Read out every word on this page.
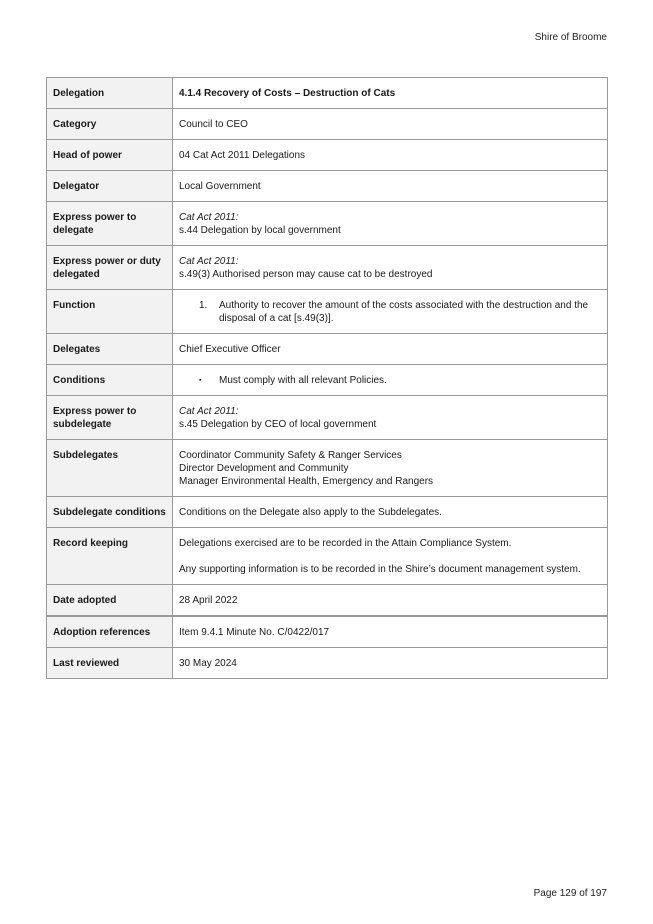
Shire of Broome
Delegation	4.1.4 Recovery of Costs – Destruction of Cats
Category	Council to CEO
Head of power	04 Cat Act 2011 Delegations
Delegator	Local Government
Express power to delegate	Cat Act 2011:
s.44 Delegation by local government

Express power or duty delegated	Cat Act 2011:
s.49(3) Authorised person may cause cat to be destroyed

Function	1. Authority to recover the amount of the costs associated with the destruction and the disposal of a cat [s.49(3)].

Delegates	Chief Executive Officer
Conditions	▪ Must comply with all relevant Policies.

Express power to subdelegate	Cat Act 2011:
s.45 Delegation by CEO of local government

Subdelegates	Coordinator Community Safety & Ranger Services
Director Development and Community
Manager Environmental Health, Emergency and Rangers

Subdelegate conditions	Conditions on the Delegate also apply to the Subdelegates.
Record keeping	Delegations exercised are to be recorded in the Attain Compliance System.
Any supporting information is to be recorded in the Shire’s document management system.

Date adopted	28 April 2022
Adoption references	Item 9.4.1 Minute No. C/0422/017
Last reviewed	30 May 2024
Page 129 of 197
